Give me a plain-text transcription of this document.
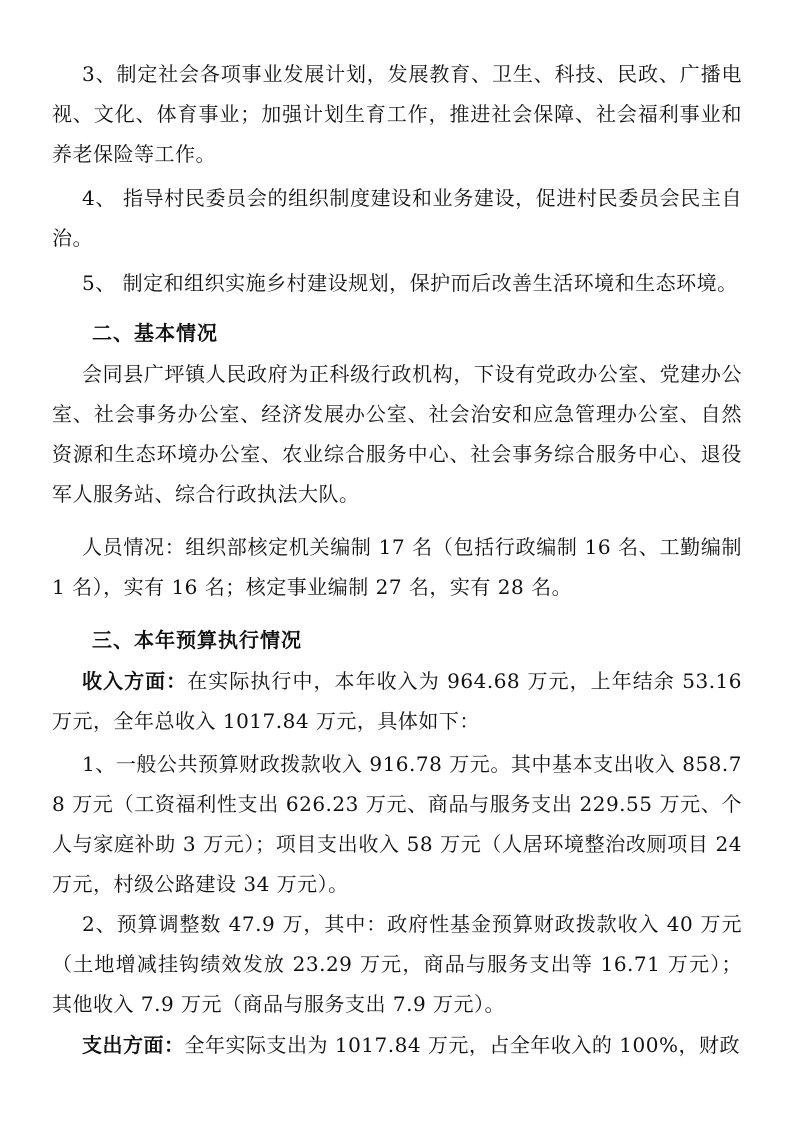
3、制定社会各项事业发展计划，发展教育、卫生、科技、民政、广播电视、文化、体育事业；加强计划生育工作，推进社会保障、社会福利事业和养老保险等工作。

4、 指导村民委员会的组织制度建设和业务建设，促进村民委员会民主自治。

5、 制定和组织实施乡村建设规划，保护而后改善生活环境和生态环境。

二、基本情况

会同县广坪镇人民政府为正科级行政机构，下设有党政办公室、党建办公室、社会事务办公室、经济发展办公室、社会治安和应急管理办公室、自然资源和生态环境办公室、农业综合服务中心、社会事务综合服务中心、退役军人服务站、综合行政执法大队。

人员情况：组织部核定机关编制 17 名（包括行政编制 16 名、工勤编制 1 名），实有 16 名；核定事业编制 27 名，实有 28 名。

三、本年预算执行情况

收入方面：在实际执行中，本年收入为 964.68 万元，上年结余 53.16 万元，全年总收入 1017.84 万元，具体如下：

1、一般公共预算财政拨款收入 916.78 万元。其中基本支出收入 858.78 万元（工资福利性支出 626.23 万元、商品与服务支出 229.55 万元、个人与家庭补助 3 万元）；项目支出收入 58 万元（人居环境整治改厕项目 24 万元，村级公路建设 34 万元）。

2、预算调整数 47.9 万，其中：政府性基金预算财政拨款收入 40 万元（土地增减挂钩绩效发放 23.29 万元，商品与服务支出等 16.71 万元）；其他收入 7.9 万元（商品与服务支出 7.9 万元）。

支出方面：全年实际支出为 1017.84 万元，占全年收入的 100%，财政
